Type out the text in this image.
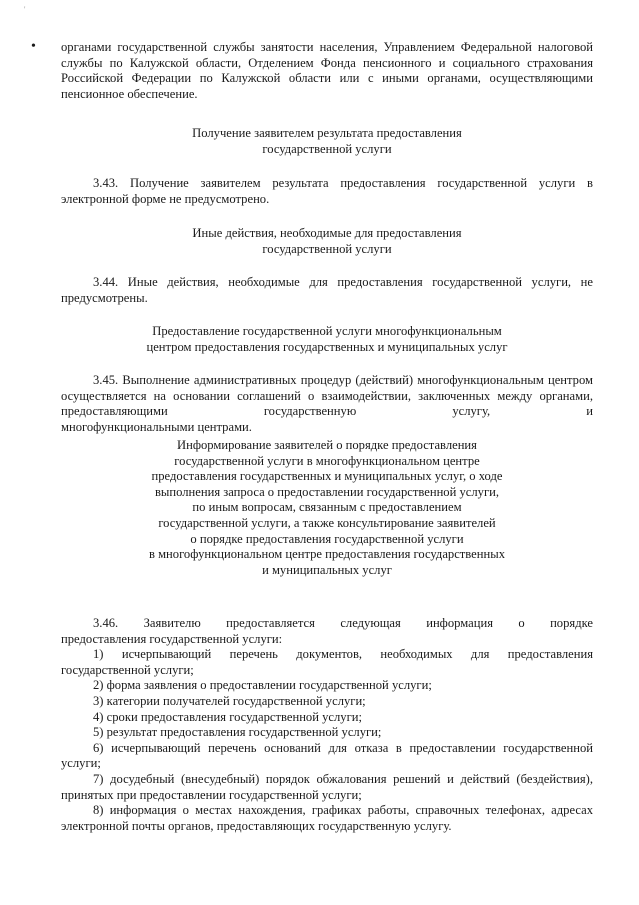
'
• органами государственной службы занятости населения, Управлением Федеральной налоговой службы по Калужской области, Отделением Фонда пенсионного и социального страхования Российской Федерации по Калужской области или с иными органами, осуществляющими пенсионное обеспечение.

Получение заявителем результата предоставления

государственной услуги

3.43. Получение заявителем результата предоставления государственной услуги в электронной форме не предусмотрено.

Иные действия, необходимые для предоставления

государственной услуги

3.44. Иные действия, необходимые для предоставления государственной услуги, не предусмотрены.

Предоставление государственной услуги многофункциональным

центром предоставления государственных и муниципальных услуг

3.45. Выполнение административных процедур (действий) многофункциональным центром осуществляется на основании соглашений о взаимодействии, заключенных между органами, предоставляющими государственную услугу, и

многофункциональными центрами.

Информирование заявителей о порядке предоставления

государственной услуги в многофункциональном центре

предоставления государственных и муниципальных услуг, о ходе

выполнения запроса о предоставлении государственной услуги,

по иным вопросам, связанным с предоставлением

государственной услуги, а также консультирование заявителей

о порядке предоставления государственной услуги

в многофункциональном центре предоставления государственных

и муниципальных услуг

3.46. Заявителю предоставляется следующая информация о порядке

предоставления государственной услуги:

1) исчерпывающий перечень документов, необходимых для предоставления государственной услуги;

2) форма заявления о предоставлении государственной услуги;

3) категории получателей государственной услуги;

4) сроки предоставления государственной услуги;

5) результат предоставления государственной услуги;

6) исчерпывающий перечень оснований для отказа в предоставлении государственной услуги;

7) досудебный (внесудебный) порядок обжалования решений и действий (бездействия), принятых при предоставлении государственной услуги;

8) информация о местах нахождения, графиках работы, справочных телефонах, адресах электронной почты органов, предоставляющих государственную услугу.
